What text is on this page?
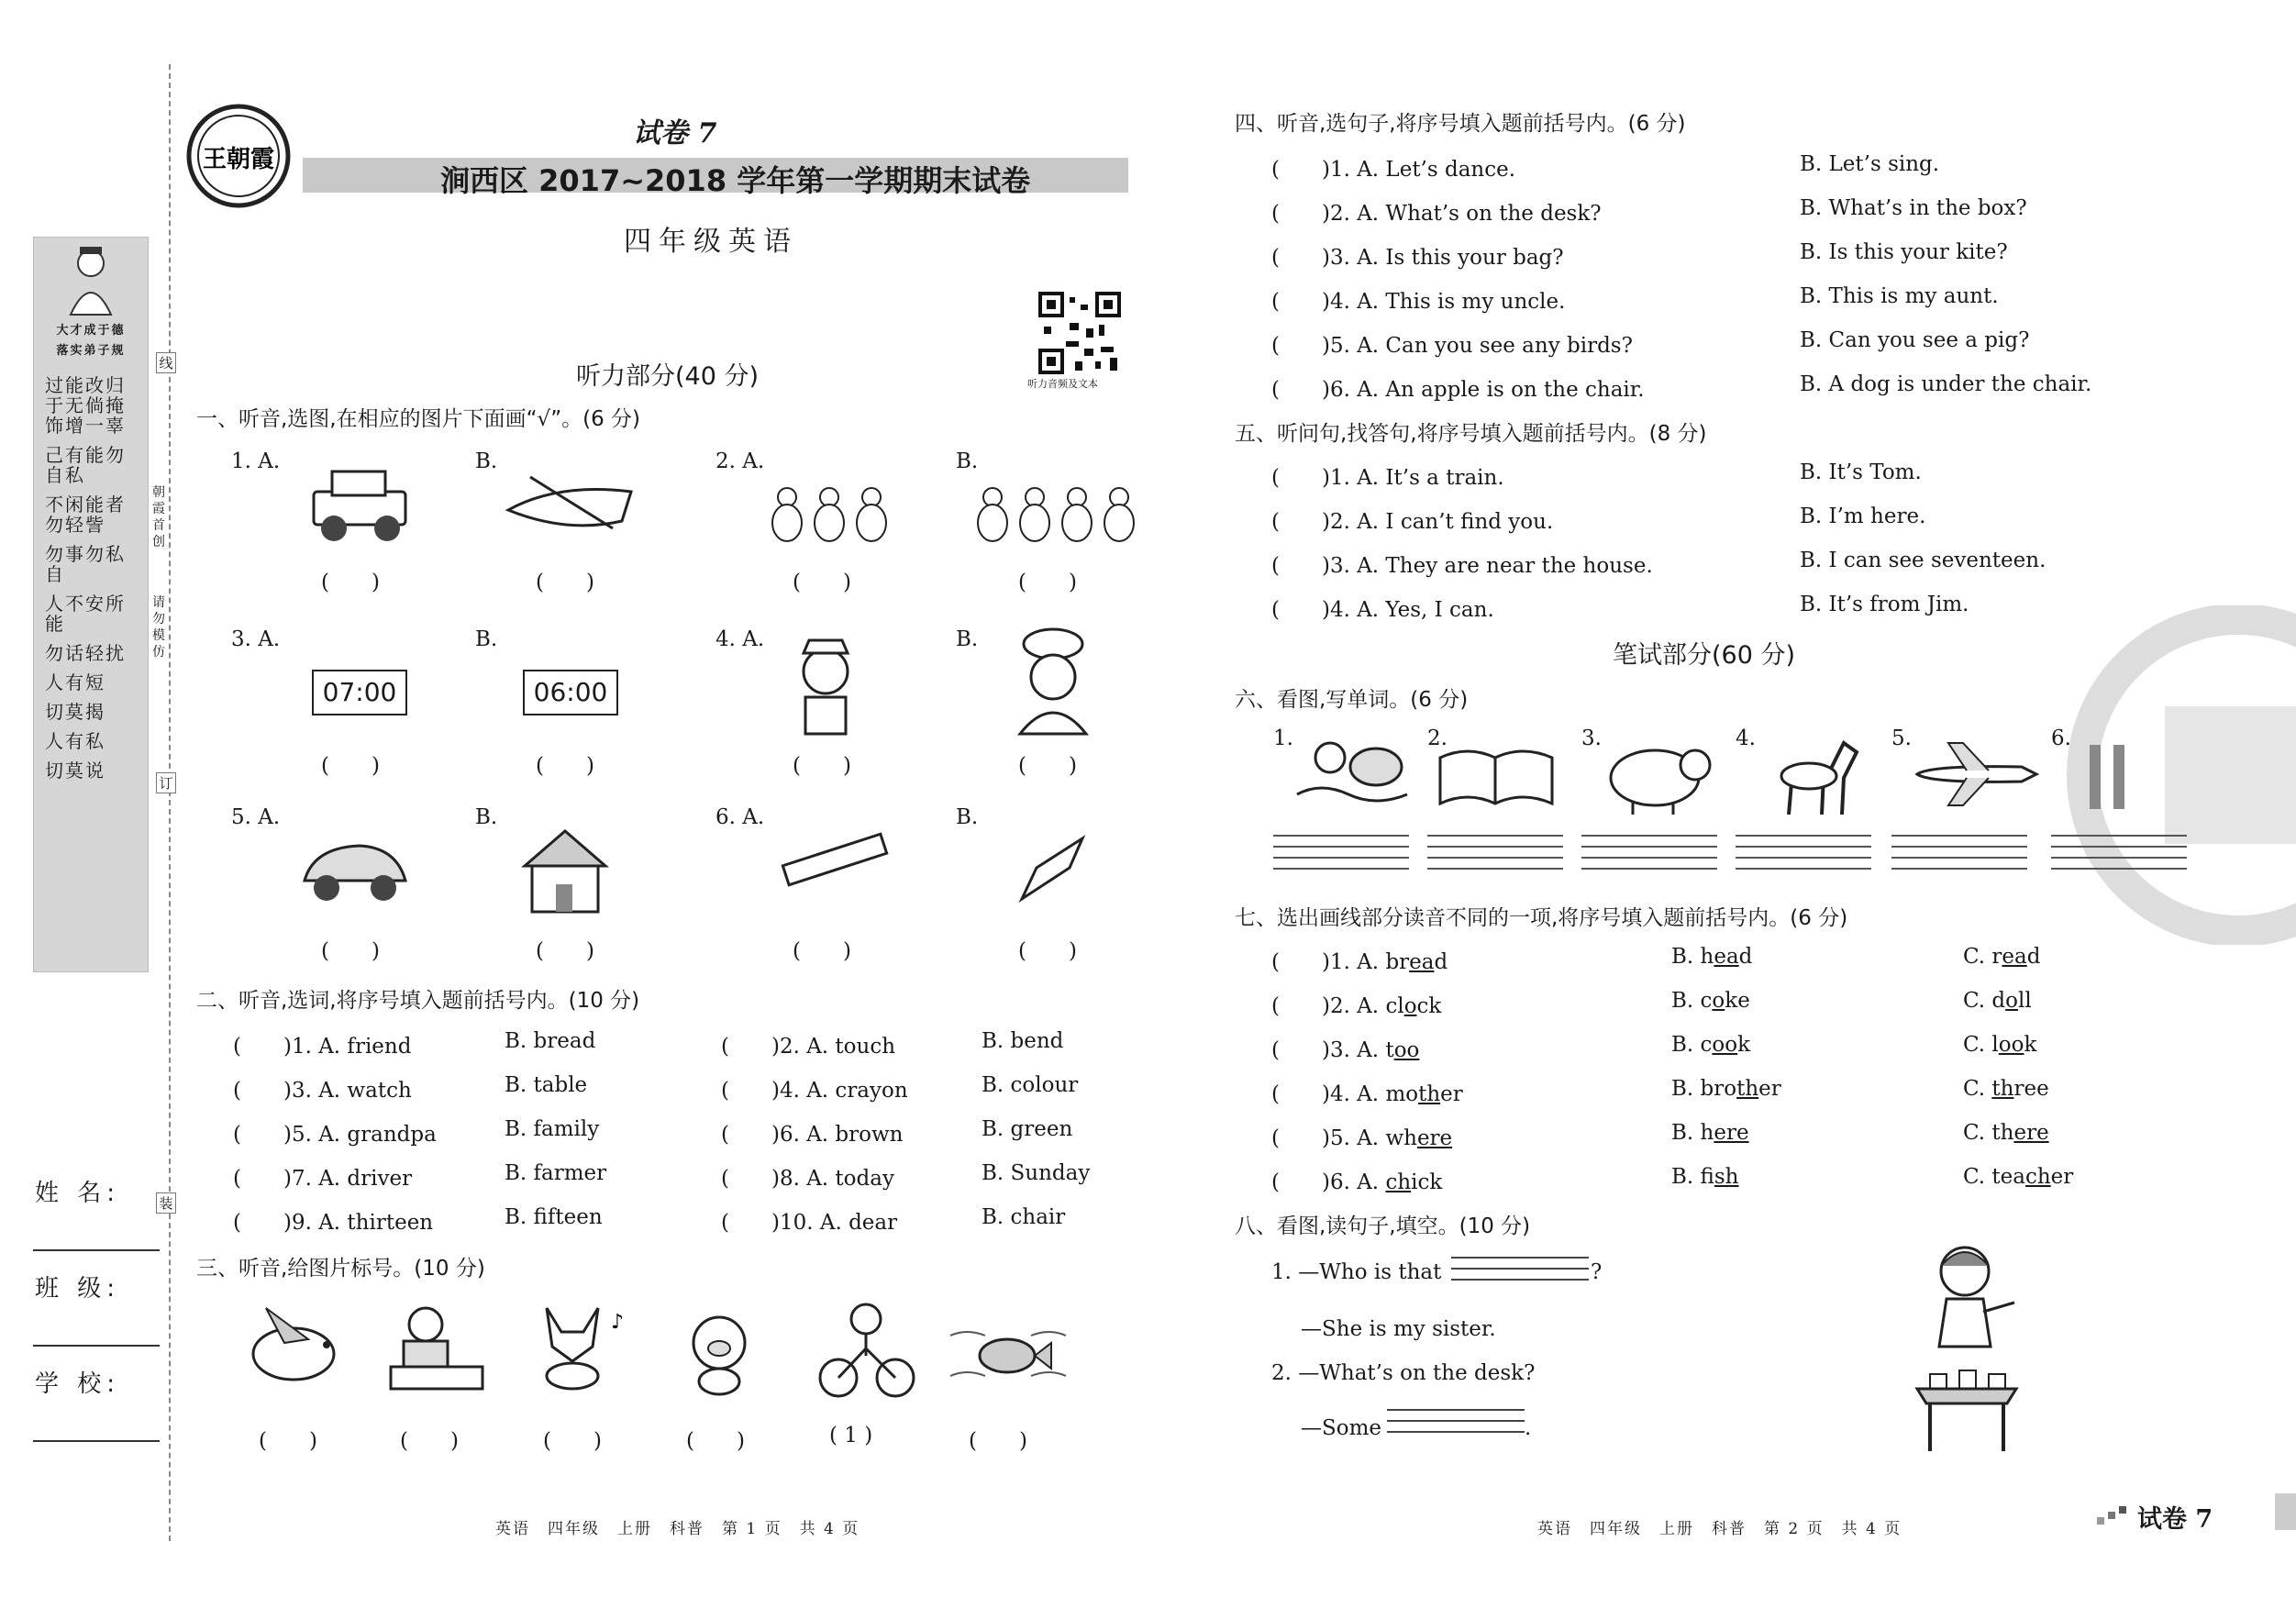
大才成于德
落实弟子规
过能改归于无倘掩饰增一辜
己有能勿自私
不闲能者勿轻訾
勿事勿私自
人不安所能
勿话轻扰
人有短
切莫揭
人有私
切莫说
姓 名:
班 级:
学 校:
线
订
装
朝霞首创
请勿模仿
王朝霞
试卷 7
涧西区 2017~2018 学年第一学期期末试卷
四年级英语
听力音频及文本
听力部分(40 分)
一、听音,选图,在相应的图片下面画“√”。(6 分)
1. A.	B.	2. A.	B.
(　　)	(　　)	(　　)	(　　)
3. A.	B.	4. A.	B.
07:00	06:00
(　　)	(　　)	(　　)	(　　)
5. A.	B.	6. A.	B.
(　　)	(　　)	(　　)	(　　)
二、听音,选词,将序号填入题前括号内。(10 分)
(　　)1. A. friend	B. bread	(　　)2. A. touch	B. bend
(　　)3. A. watch	B. table	(　　)4. A. crayon	B. colour
(　　)5. A. grandpa	B. family	(　　)6. A. brown	B. green
(　　)7. A. driver	B. farmer	(　　)8. A. today	B. Sunday
(　　)9. A. thirteen	B. fifteen	(　　)10. A. dear	B. chair
三、听音,给图片标号。(10 分)
♪
(　　)	(　　)	(　　)	(　　)	( 1 )	(　　)
英语　四年级　上册　科普　第 1 页　共 4 页
四、听音,选句子,将序号填入题前括号内。(6 分)
(　　)1. A. Let’s dance.	B. Let’s sing.
(　　)2. A. What’s on the desk?	B. What’s in the box?
(　　)3. A. Is this your bag?	B. Is this your kite?
(　　)4. A. This is my uncle.	B. This is my aunt.
(　　)5. A. Can you see any birds?	B. Can you see a pig?
(　　)6. A. An apple is on the chair.	B. A dog is under the chair.
五、听问句,找答句,将序号填入题前括号内。(8 分)
(　　)1. A. It’s a train.	B. It’s Tom.
(　　)2. A. I can’t find you.	B. I’m here.
(　　)3. A. They are near the house.	B. I can see seventeen.
(　　)4. A. Yes, I can.	B. It’s from Jim.
笔试部分(60 分)
六、看图,写单词。(6 分)
1.	2.	3.	4.	5.	6.
七、选出画线部分读音不同的一项,将序号填入题前括号内。(6 分)
(　　)1. A. bread	B. head	C. read
(　　)2. A. clock	B. coke	C. doll
(　　)3. A. too	B. cook	C. look
(　　)4. A. mother	B. brother	C. three
(　　)5. A. where	B. here	C. there
(　　)6. A. chick	B. fish	C. teacher
八、看图,读句子,填空。(10 分)
1. —Who is that	?
—She is my sister.
2. —What’s on the desk?
—Some	.
英语　四年级　上册　科普　第 2 页　共 4 页	试卷 7
